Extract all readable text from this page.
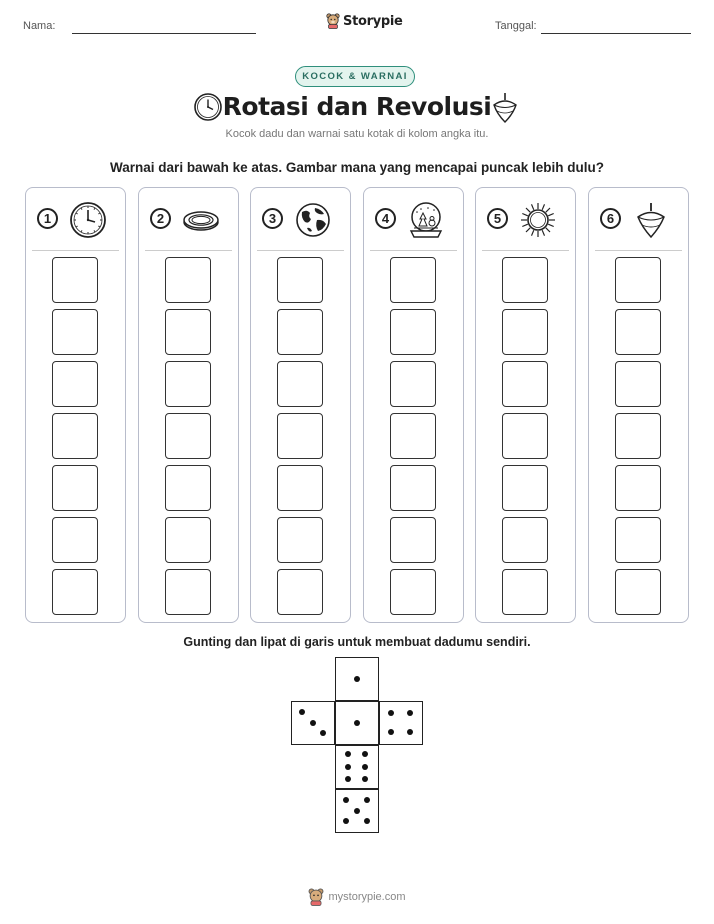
Nama:	Storypie	Tanggal:
KOCOK & WARNAI
Rotasi dan Revolusi
Kocok dadu dan warnai satu kotak di kolom angka itu.
Warnai dari bawah ke atas. Gambar mana yang mencapai puncak lebih dulu?
1	2	3	4	5	6
Gunting dan lipat di garis untuk membuat dadumu sendiri.
mystorypie.com
